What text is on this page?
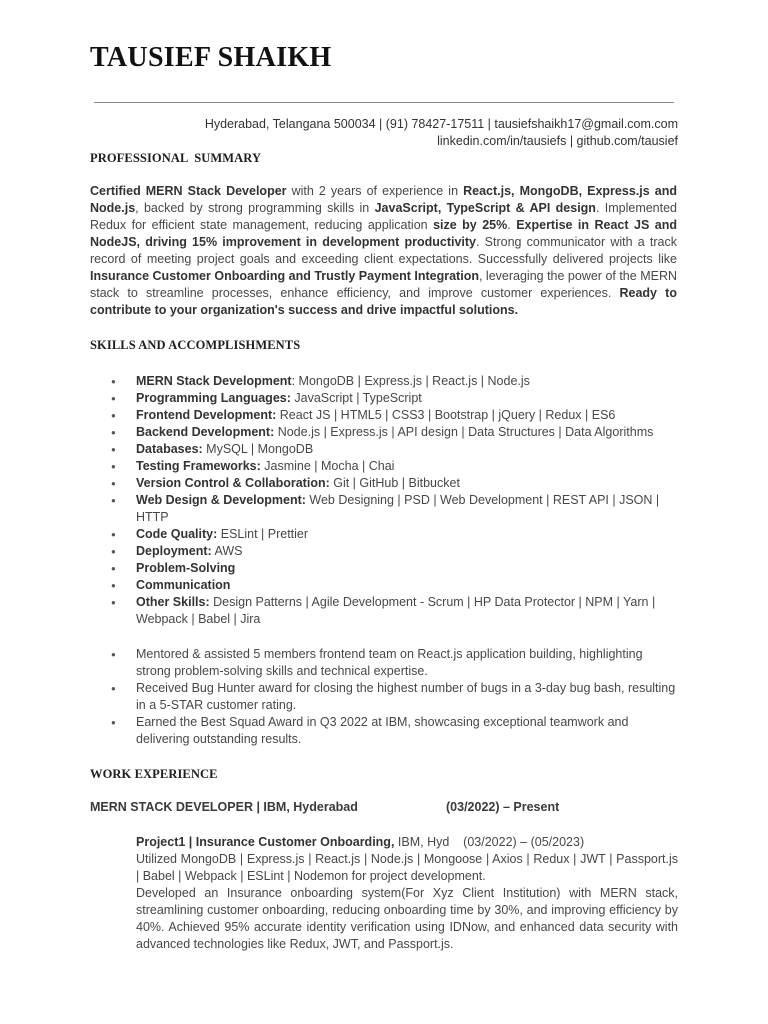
TAUSIEF SHAIKH
Hyderabad, Telangana 500034 | (91) 78427-17511 | tausiefshaikh17@gmail.com.com
linkedin.com/in/tausiefs | github.com/tausief
PROFESSIONAL  SUMMARY

Certified MERN Stack Developer with 2 years of experience in React.js, MongoDB, Express.js and Node.js, backed by strong programming skills in JavaScript, TypeScript & API design. Implemented Redux for efficient state management, reducing application size by 25%. Expertise in React JS and NodeJS, driving 15% improvement in development productivity. Strong communicator with a track record of meeting project goals and exceeding client expectations. Successfully delivered projects like Insurance Customer Onboarding and Trustly Payment Integration, leveraging the power of the MERN stack to streamline processes, enhance efficiency, and improve customer experiences. Ready to contribute to your organization's success and drive impactful solutions.

SKILLS AND ACCOMPLISHMENTS
● MERN Stack Development: MongoDB | Express.js | React.js | Node.js
● Programming Languages: JavaScript | TypeScript
● Frontend Development: React JS | HTML5 | CSS3 | Bootstrap | jQuery | Redux | ES6
● Backend Development: Node.js | Express.js | API design | Data Structures | Data Algorithms
● Databases: MySQL | MongoDB
● Testing Frameworks: Jasmine | Mocha | Chai
● Version Control & Collaboration: Git | GitHub | Bitbucket
● Web Design & Development: Web Designing | PSD | Web Development | REST API | JSON | HTTP
● Code Quality: ESLint | Prettier
● Deployment: AWS
● Problem-Solving
● Communication
● Other Skills: Design Patterns | Agile Development - Scrum | HP Data Protector | NPM | Yarn | Webpack | Babel | Jira
● Mentored & assisted 5 members frontend team on React.js application building, highlighting strong problem-solving skills and technical expertise.
● Received Bug Hunter award for closing the highest number of bugs in a 3-day bug bash, resulting in a 5-STAR customer rating.
● Earned the Best Squad Award in Q3 2022 at IBM, showcasing exceptional teamwork and delivering outstanding results.
WORK EXPERIENCE
MERN STACK DEVELOPER | IBM, Hyderabad	(03/2022) – Present
Project1 | Insurance Customer Onboarding, IBM, Hyd    (03/2022) – (05/2023)

Utilized MongoDB | Express.js | React.js | Node.js | Mongoose | Axios | Redux | JWT | Passport.js | Babel | Webpack | ESLint | Nodemon for project development.

Developed an Insurance onboarding system(For Xyz Client Institution) with MERN stack, streamlining customer onboarding, reducing onboarding time by 30%, and improving efficiency by 40%. Achieved 95% accurate identity verification using IDNow, and enhanced data security with advanced technologies like Redux, JWT, and Passport.js.
